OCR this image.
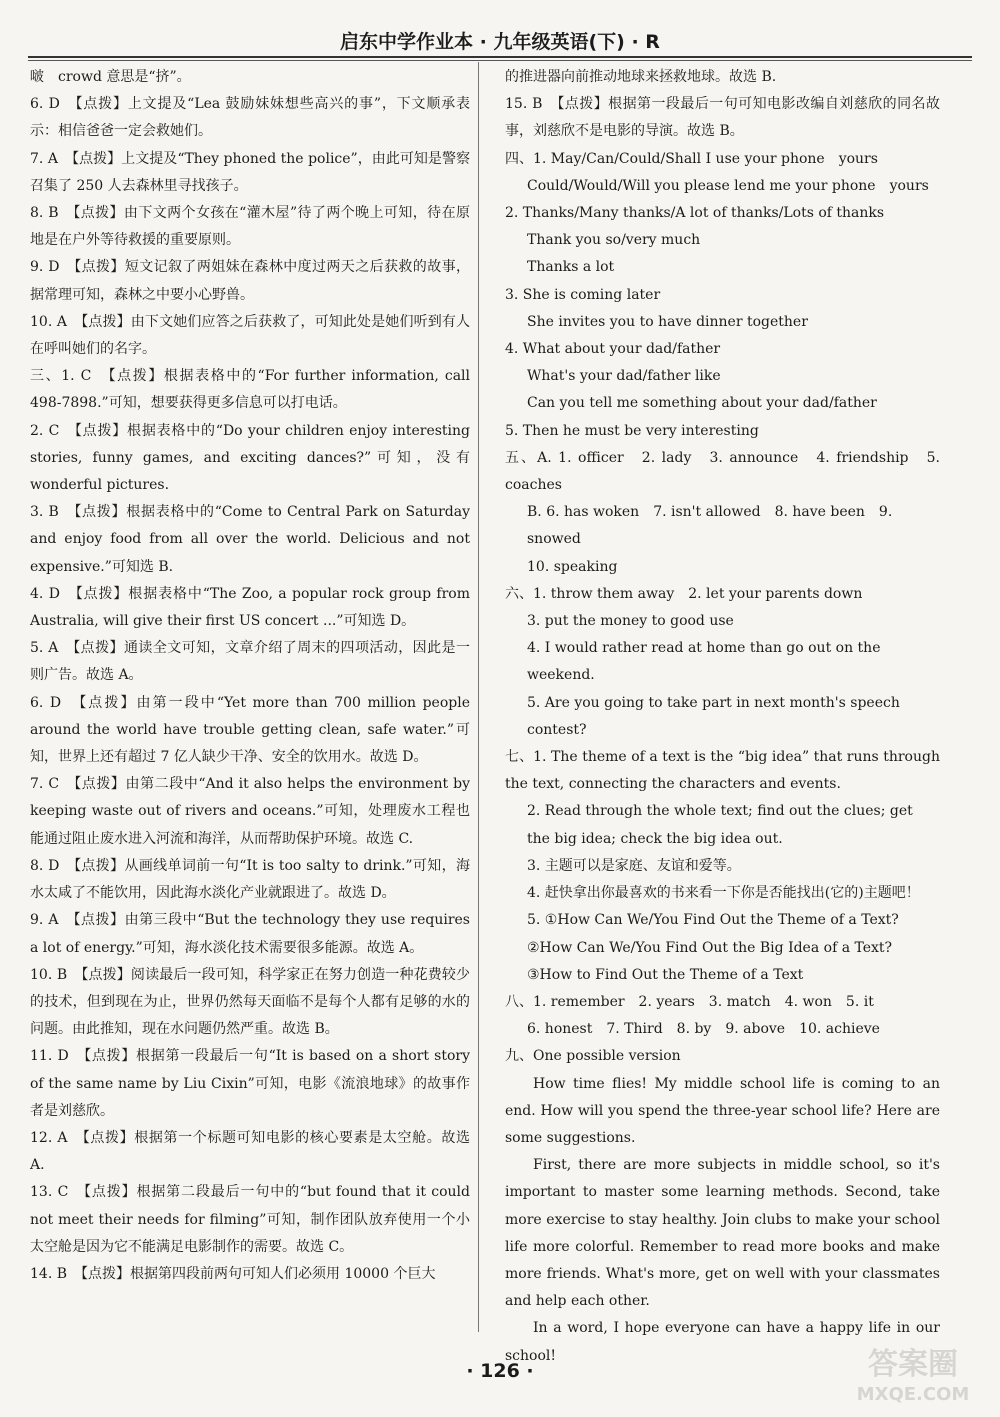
启东中学作业本 · 九年级英语(下) · R

啵　crowd 意思是“挤”。

6. D　【点拨】上文提及“Lea 鼓励妹妹想些高兴的事”，下文顺承表示：相信爸爸一定会救她们。

7. A　【点拨】上文提及“They phoned the police”，由此可知是警察召集了 250 人去森林里寻找孩子。

8. B　【点拨】由下文两个女孩在“灌木屋”待了两个晚上可知，待在原地是在户外等待救援的重要原则。

9. D　【点拨】短文记叙了两姐妹在森林中度过两天之后获救的故事，据常理可知，森林之中要小心野兽。

10. A　【点拨】由下文她们应答之后获救了，可知此处是她们听到有人在呼叫她们的名字。

三、1. C　【点拨】根据表格中的“For further information, call 498-7898.”可知，想要获得更多信息可以打电话。

2. C　【点拨】根据表格中的“Do your children enjoy interesting stories, funny games, and exciting dances?”可知，没有 wonderful pictures.

3. B　【点拨】根据表格中的“Come to Central Park on Saturday and enjoy food from all over the world. Delicious and not expensive.”可知选 B.

4. D　【点拨】根据表格中“The Zoo, a popular rock group from Australia, will give their first US concert ...”可知选 D。

5. A　【点拨】通读全文可知，文章介绍了周末的四项活动，因此是一则广告。故选 A。

6. D　【点拨】由第一段中“Yet more than 700 million people around the world have trouble getting clean, safe water.”可知，世界上还有超过 7 亿人缺少干净、安全的饮用水。故选 D。

7. C　【点拨】由第二段中“And it also helps the environment by keeping waste out of rivers and oceans.”可知，处理废水工程也能通过阻止废水进入河流和海洋，从而帮助保护环境。故选 C.

8. D　【点拨】从画线单词前一句“It is too salty to drink.”可知，海水太咸了不能饮用，因此海水淡化产业就跟进了。故选 D。

9. A　【点拨】由第三段中“But the technology they use requires a lot of energy.”可知，海水淡化技术需要很多能源。故选 A。

10. B　【点拨】阅读最后一段可知，科学家正在努力创造一种花费较少的技术，但到现在为止，世界仍然每天面临不是每个人都有足够的水的问题。由此推知，现在水问题仍然严重。故选 B。

11. D　【点拨】根据第一段最后一句“It is based on a short story of the same name by Liu Cixin”可知，电影《流浪地球》的故事作者是刘慈欣。

12. A　【点拨】根据第一个标题可知电影的核心要素是太空舱。故选 A.

13. C　【点拨】根据第二段最后一句中的“but found that it could not meet their needs for filming”可知，制作团队放弃使用一个小太空舱是因为它不能满足电影制作的需要。故选 C。

14. B　【点拨】根据第四段前两句可知人们必须用 10000 个巨大

的推进器向前推动地球来拯救地球。故选 B.

15. B　【点拨】根据第一段最后一句可知电影改编自刘慈欣的同名故事，刘慈欣不是电影的导演。故选 B。

四、1. May/Can/Could/Shall I use your phone　yours

Could/Would/Will you please lend me your phone　yours

2. Thanks/Many thanks/A lot of thanks/Lots of thanks

Thank you so/very much

Thanks a lot

3. She is coming later

She invites you to have dinner together

4. What about your dad/father

What's your dad/father like

Can you tell me something about your dad/father

5. Then he must be very interesting

五、A. 1. officer　2. lady　3. announce　4. friendship　5. coaches

B. 6. has woken　7. isn't allowed　8. have been　9. snowed

10. speaking

六、1. throw them away　2. let your parents down

3. put the money to good use

4. I would rather read at home than go out on the weekend.

5. Are you going to take part in next month's speech contest?

七、1. The theme of a text is the “big idea” that runs through the text, connecting the characters and events.

2. Read through the whole text; find out the clues; get the big idea; check the big idea out.

3. 主题可以是家庭、友谊和爱等。

4. 赶快拿出你最喜欢的书来看一下你是否能找出(它的)主题吧！

5. ①How Can We/You Find Out the Theme of a Text?

②How Can We/You Find Out the Big Idea of a Text?

③How to Find Out the Theme of a Text

八、1. remember　2. years　3. match　4. won　5. it

6. honest　7. Third　8. by　9. above　10. achieve

九、One possible version

How time flies! My middle school life is coming to an end. How will you spend the three-year school life? Here are some suggestions.

First, there are more subjects in middle school, so it's important to master some learning methods. Second, take more exercise to stay healthy. Join clubs to make your school life more colorful. Remember to read more books and make more friends. What's more, get on well with your classmates and help each other.

In a word, I hope everyone can have a happy life in our school!

· 126 ·	答案圈
MXQE.COM
